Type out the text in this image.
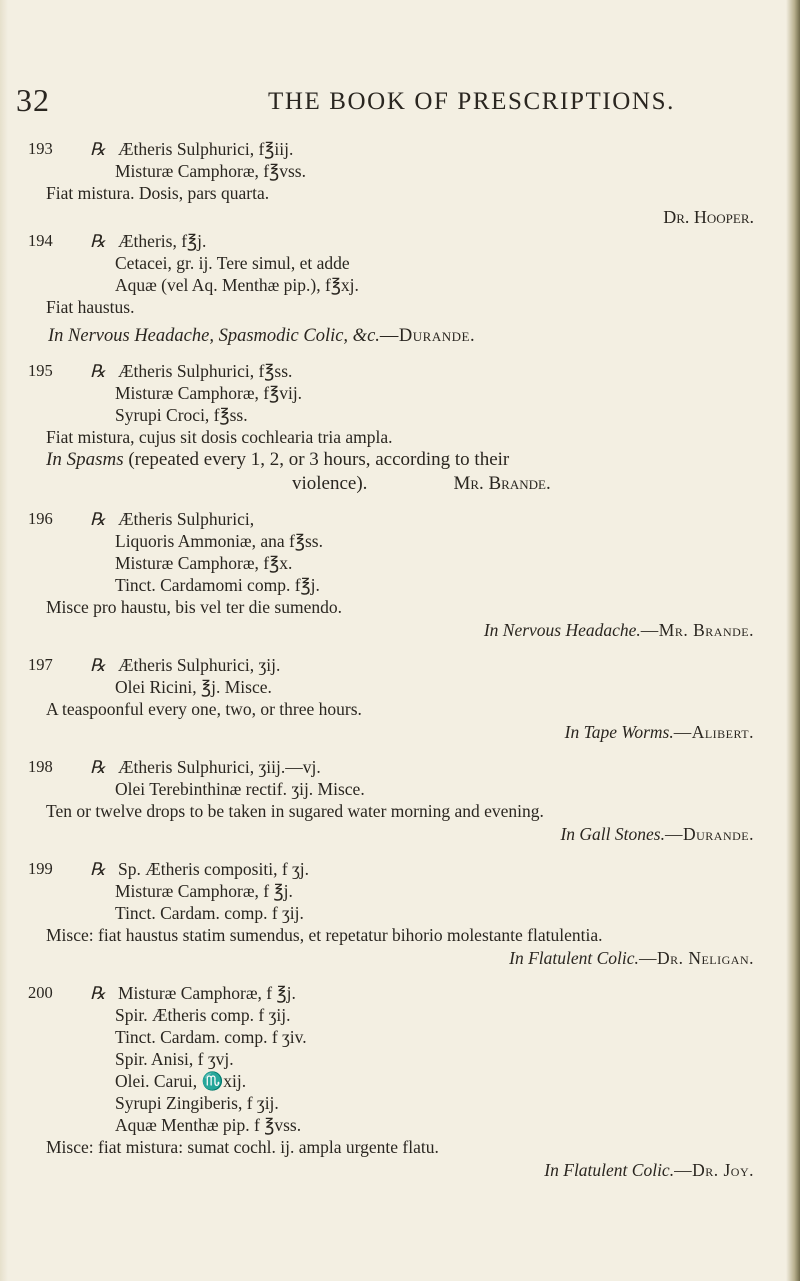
32	THE BOOK OF PRESCRIPTIONS.
193 ℞ Ætheris Sulphurici, f℥iij.
Misturæ Camphoræ, f℥vss.
Fiat mistura. Dosis, pars quarta.
Dr. Hooper.
194 ℞ Ætheris, f℥j.
Cetacei, gr. ij. Tere simul, et adde
Aquæ (vel Aq. Menthæ pip.), f℥xj.
Fiat haustus.
In Nervous Headache, Spasmodic Colic, &c.—Durande.
195 ℞ Ætheris Sulphurici, f℥ss.
Misturæ Camphoræ, f℥vij.
Syrupi Croci, f℥ss.
Fiat mistura, cujus sit dosis cochlearia tria ampla.
In Spasms (repeated every 1, 2, or 3 hours, according to their
violence).	Mr. Brande.
196 ℞ Ætheris Sulphurici,
Liquoris Ammoniæ, ana f℥ss.
Misturæ Camphoræ, f℥x.
Tinct. Cardamomi comp. f℥j.
Misce pro haustu, bis vel ter die sumendo.
In Nervous Headache.—Mr. Brande.
197 ℞ Ætheris Sulphurici, ʒij.
Olei Ricini, ℥j. Misce.
A teaspoonful every one, two, or three hours.
In Tape Worms.—Alibert.
198 ℞ Ætheris Sulphurici, ʒiij.—vj.
Olei Terebinthinæ rectif. ʒij. Misce.
Ten or twelve drops to be taken in sugared water morning and evening.
In Gall Stones.—Durande.
199 ℞ Sp. Ætheris compositi, f ʒj.
Misturæ Camphoræ, f ℥j.
Tinct. Cardam. comp. f ʒij.
Misce: fiat haustus statim sumendus, et repetatur bihorio molestante flatulentia.
In Flatulent Colic.—Dr. Neligan.
200 ℞ Misturæ Camphoræ, f ℥j.
Spir. Ætheris comp. f ʒij.
Tinct. Cardam. comp. f ʒiv.
Spir. Anisi, f ʒvj.
Olei. Carui, ♏xij.
Syrupi Zingiberis, f ʒij.
Aquæ Menthæ pip. f ℥vss.
Misce: fiat mistura: sumat cochl. ij. ampla urgente flatu.
In Flatulent Colic.—Dr. Joy.
